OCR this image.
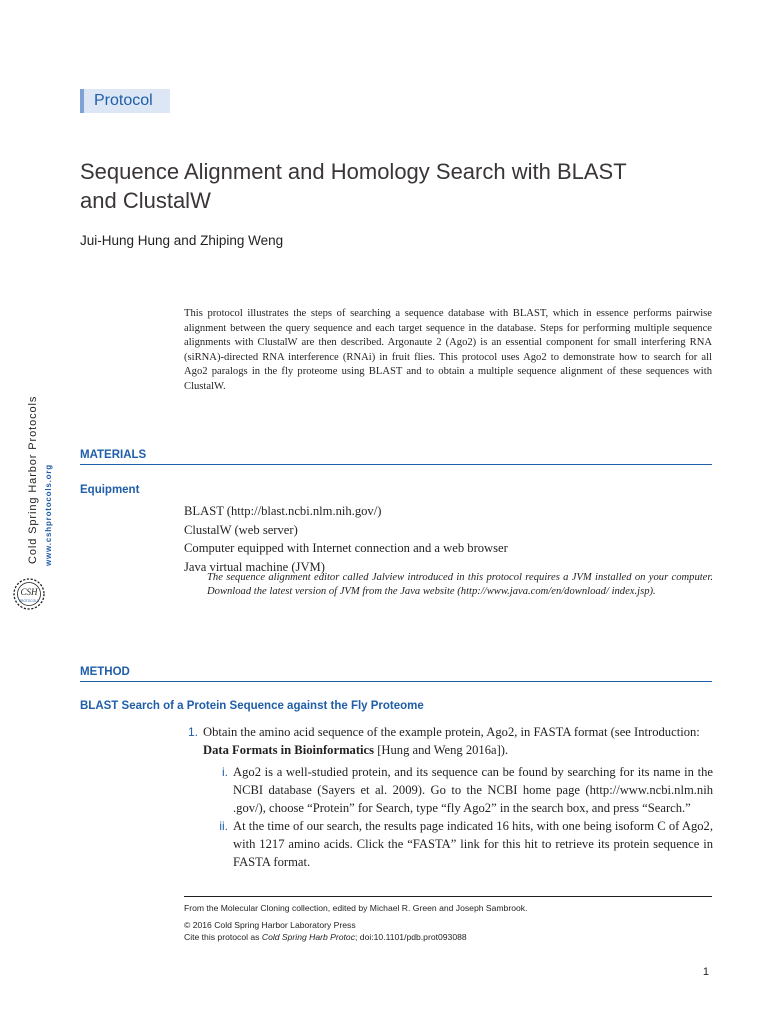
Protocol
Sequence Alignment and Homology Search with BLAST
and ClustalW
Jui-Hung Hung and Zhiping Weng
This protocol illustrates the steps of searching a sequence database with BLAST, which in essence performs pairwise alignment between the query sequence and each target sequence in the database. Steps for performing multiple sequence alignments with ClustalW are then described. Argonaute 2 (Ago2) is an essential component for small interfering RNA (siRNA)-directed RNA interference (RNAi) in fruit flies. This protocol uses Ago2 to demonstrate how to search for all Ago2 paralogs in the fly proteome using BLAST and to obtain a multiple sequence alignment of these sequences with ClustalW.
Cold Spring Harbor Protocols www.cshprotocols.org
CSH
PROTOCOLS
MATERIALS
Equipment
BLAST (http://blast.ncbi.nlm.nih.gov/)
ClustalW (web server)
Computer equipped with Internet connection and a web browser
Java virtual machine (JVM)
The sequence alignment editor called Jalview introduced in this protocol requires a JVM installed on your computer. Download the latest version of JVM from the Java website (http://www.java.com/en/download/ index.jsp).
METHOD
BLAST Search of a Protein Sequence against the Fly Proteome
1. Obtain the amino acid sequence of the example protein, Ago2, in FASTA format (see Introduction:
Data Formats in Bioinformatics [Hung and Weng 2016a]).
i. Ago2 is a well-studied protein, and its sequence can be found by searching for its name in the NCBI database (Sayers et al. 2009). Go to the NCBI home page (http://www.ncbi.nlm.nih .gov/), choose “Protein” for Search, type “fly Ago2” in the search box, and press “Search.”
ii. At the time of our search, the results page indicated 16 hits, with one being isoform C of Ago2, with 1217 amino acids. Click the “FASTA” link for this hit to retrieve its protein sequence in FASTA format.
From the Molecular Cloning collection, edited by Michael R. Green and Joseph Sambrook.
© 2016 Cold Spring Harbor Laboratory Press
Cite this protocol as Cold Spring Harb Protoc; doi:10.1101/pdb.prot093088
1
